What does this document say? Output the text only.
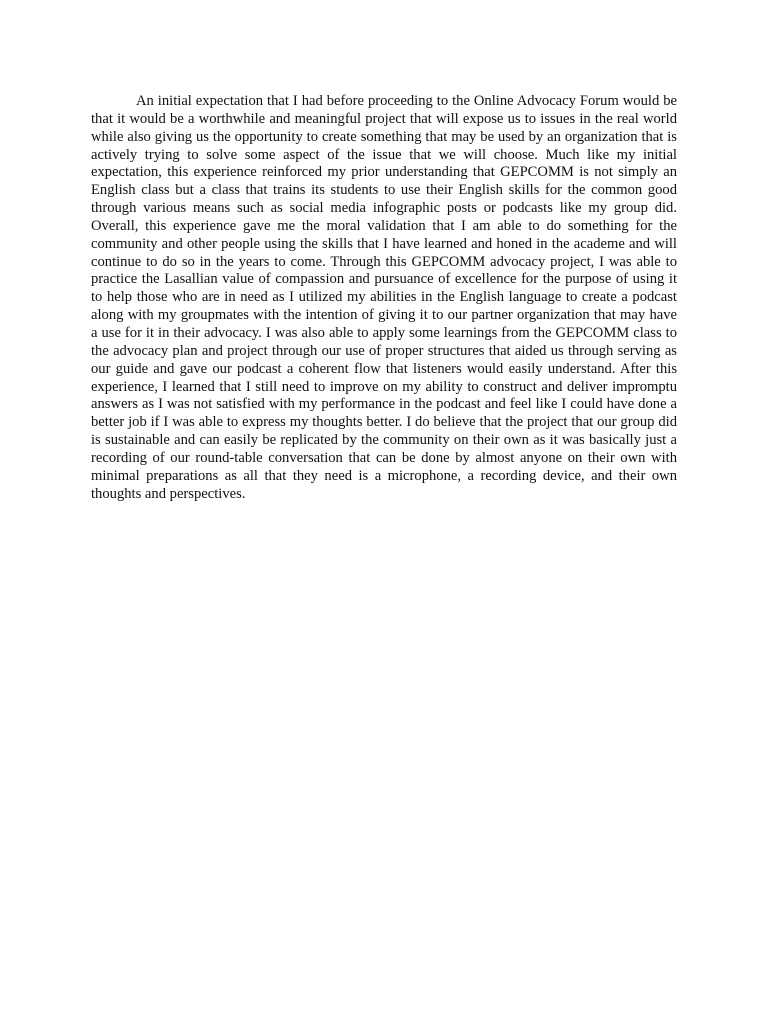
An initial expectation that I had before proceeding to the Online Advocacy Forum would be that it would be a worthwhile and meaningful project that will expose us to issues in the real world while also giving us the opportunity to create something that may be used by an organization that is actively trying to solve some aspect of the issue that we will choose. Much like my initial expectation, this experience reinforced my prior understanding that GEPCOMM is not simply an English class but a class that trains its students to use their English skills for the common good through various means such as social media infographic posts or podcasts like my group did. Overall, this experience gave me the moral validation that I am able to do something for the community and other people using the skills that I have learned and honed in the academe and will continue to do so in the years to come. Through this GEPCOMM advocacy project, I was able to practice the Lasallian value of compassion and pursuance of excellence for the purpose of using it to help those who are in need as I utilized my abilities in the English language to create a podcast along with my groupmates with the intention of giving it to our partner organization that may have a use for it in their advocacy. I was also able to apply some learnings from the GEPCOMM class to the advocacy plan and project through our use of proper structures that aided us through serving as our guide and gave our podcast a coherent flow that listeners would easily understand. After this experience, I learned that I still need to improve on my ability to construct and deliver impromptu answers as I was not satisfied with my performance in the podcast and feel like I could have done a better job if I was able to express my thoughts better. I do believe that the project that our group did is sustainable and can easily be replicated by the community on their own as it was basically just a recording of our round-table conversation that can be done by almost anyone on their own with minimal preparations as all that they need is a microphone, a recording device, and their own thoughts and perspectives.
